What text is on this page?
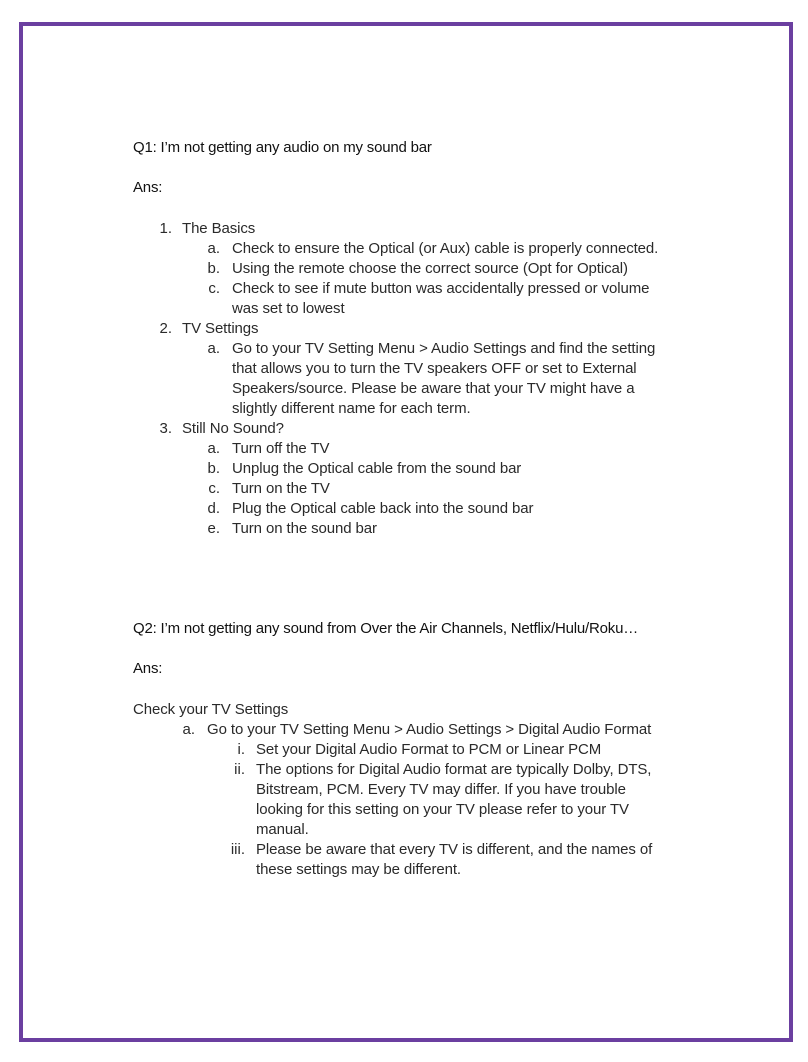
Q1: I’m not getting any audio on my sound bar
Ans:
1. The Basics
a. Check to ensure the Optical (or Aux) cable is properly connected.
b. Using the remote choose the correct source (Opt for Optical)
c. Check to see if mute button was accidentally pressed or volume
was set to lowest
2. TV Settings
a. Go to your TV Setting Menu > Audio Settings and find the setting
that allows you to turn the TV speakers OFF or set to External
Speakers/source. Please be aware that your TV might have a
slightly different name for each term.
3. Still No Sound?
a. Turn off the TV
b. Unplug the Optical cable from the sound bar
c. Turn on the TV
d. Plug the Optical cable back into the sound bar
e. Turn on the sound bar
Q2: I’m not getting any sound from Over the Air Channels, Netflix/Hulu/Roku…
Ans:
Check your TV Settings
a. Go to your TV Setting Menu > Audio Settings > Digital Audio Format
i. Set your Digital Audio Format to PCM or Linear PCM
ii. The options for Digital Audio format are typically Dolby, DTS,
Bitstream, PCM. Every TV may differ. If you have trouble
looking for this setting on your TV please refer to your TV
manual.
iii. Please be aware that every TV is different, and the names of
these settings may be different.
